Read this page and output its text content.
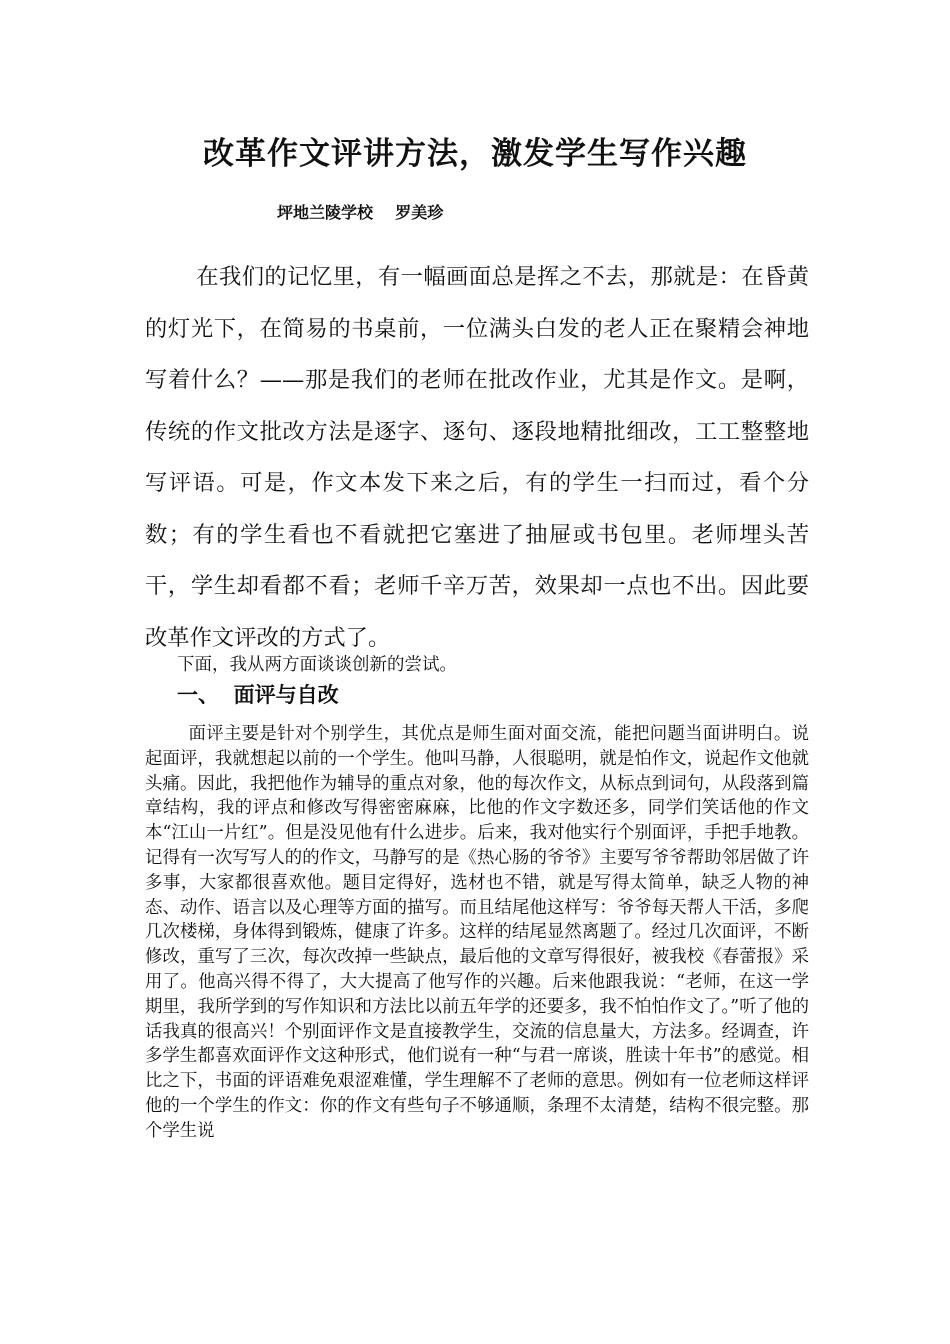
改革作文评讲方法，激发学生写作兴趣
坪地兰陵学校    罗美珍

在我们的记忆里，有一幅画面总是挥之不去，那就是：在昏黄的灯光下，在简易的书桌前，一位满头白发的老人正在聚精会神地写着什么？——那是我们的老师在批改作业，尤其是作文。是啊，传统的作文批改方法是逐字、逐句、逐段地精批细改，工工整整地写评语。可是，作文本发下来之后，有的学生一扫而过，看个分数；有的学生看也不看就把它塞进了抽屉或书包里。老师埋头苦干，学生却看都不看；老师千辛万苦，效果却一点也不出。因此要改革作文评改的方式了。

下面，我从两方面谈谈创新的尝试。

一、  面评与自改

面评主要是针对个别学生，其优点是师生面对面交流，能把问题当面讲明白。说起面评，我就想起以前的一个学生。他叫马静，人很聪明，就是怕作文，说起作文他就头痛。因此，我把他作为辅导的重点对象，他的每次作文，从标点到词句，从段落到篇章结构，我的评点和修改写得密密麻麻，比他的作文字数还多，同学们笑话他的作文本“江山一片红”。但是没见他有什么进步。后来，我对他实行个别面评，手把手地教。记得有一次写写人的的作文，马静写的是《热心肠的爷爷》主要写爷爷帮助邻居做了许多事，大家都很喜欢他。题目定得好，选材也不错，就是写得太简单，缺乏人物的神态、动作、语言以及心理等方面的描写。而且结尾他这样写：爷爷每天帮人干活，多爬几次楼梯，身体得到锻炼，健康了许多。这样的结尾显然离题了。经过几次面评，不断修改，重写了三次，每次改掉一些缺点，最后他的文章写得很好，被我校《春蕾报》采用了。他高兴得不得了，大大提高了他写作的兴趣。后来他跟我说：“老师，在这一学期里，我所学到的写作知识和方法比以前五年学的还要多，我不怕怕作文了。”听了他的话我真的很高兴！个别面评作文是直接教学生，交流的信息量大，方法多。经调查，许多学生都喜欢面评作文这种形式，他们说有一种“与君一席谈，胜读十年书”的感觉。相比之下，书面的评语难免艰涩难懂，学生理解不了老师的意思。例如有一位老师这样评他的一个学生的作文：你的作文有些句子不够通顺，条理不太清楚，结构不很完整。那个学生说
